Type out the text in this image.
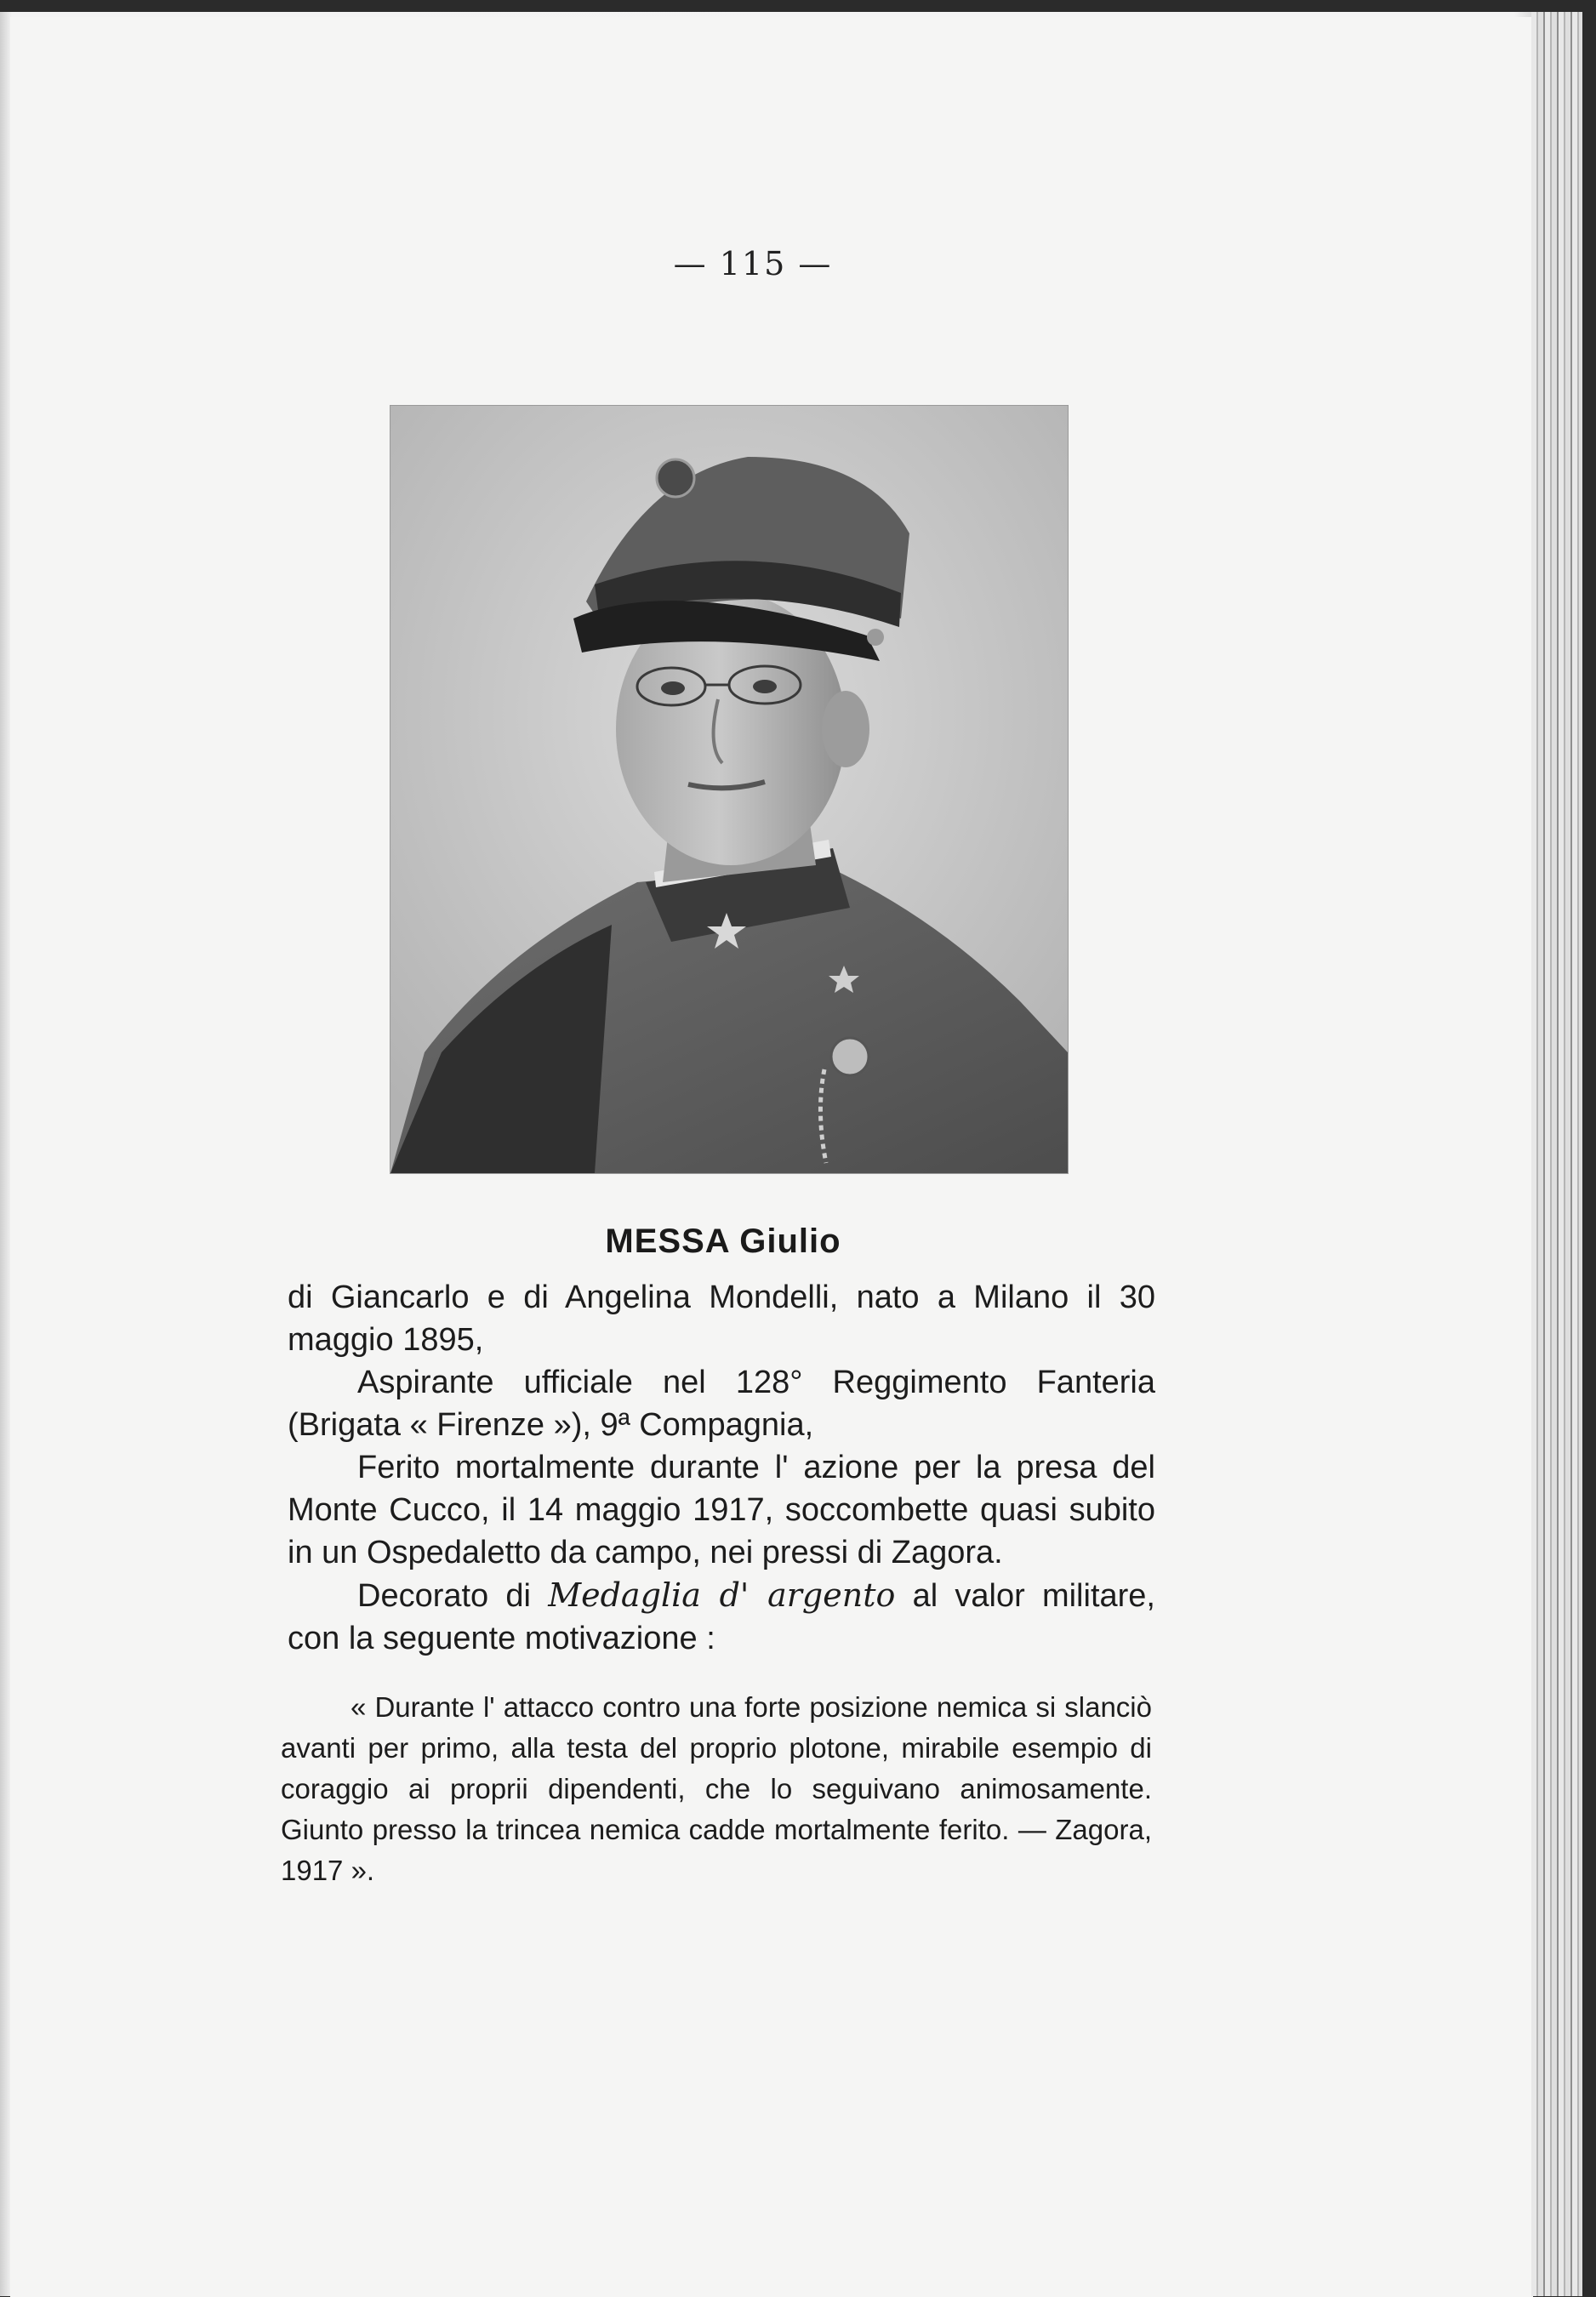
— 115 —
MESSA Giulio

di Giancarlo e di Angelina Mondelli, nato a Milano il 30 maggio 1895,

Aspirante ufficiale nel 128° Reggimento Fanteria (Brigata « Firenze »), 9ª Compagnia,

Ferito mortalmente durante l' azione per la presa del Monte Cucco, il 14 maggio 1917, soccombette quasi subito in un Ospedaletto da campo, nei pressi di Zagora.

Decorato di Medaglia d' argento al valor militare, con la seguente motivazione :

« Durante l' attacco contro una forte posizione nemica si slanciò avanti per primo, alla testa del proprio plotone, mirabile esempio di coraggio ai proprii dipendenti, che lo seguivano animosamente. Giunto presso la trincea nemica cadde mortalmente ferito. — Zagora, 1917 ».
